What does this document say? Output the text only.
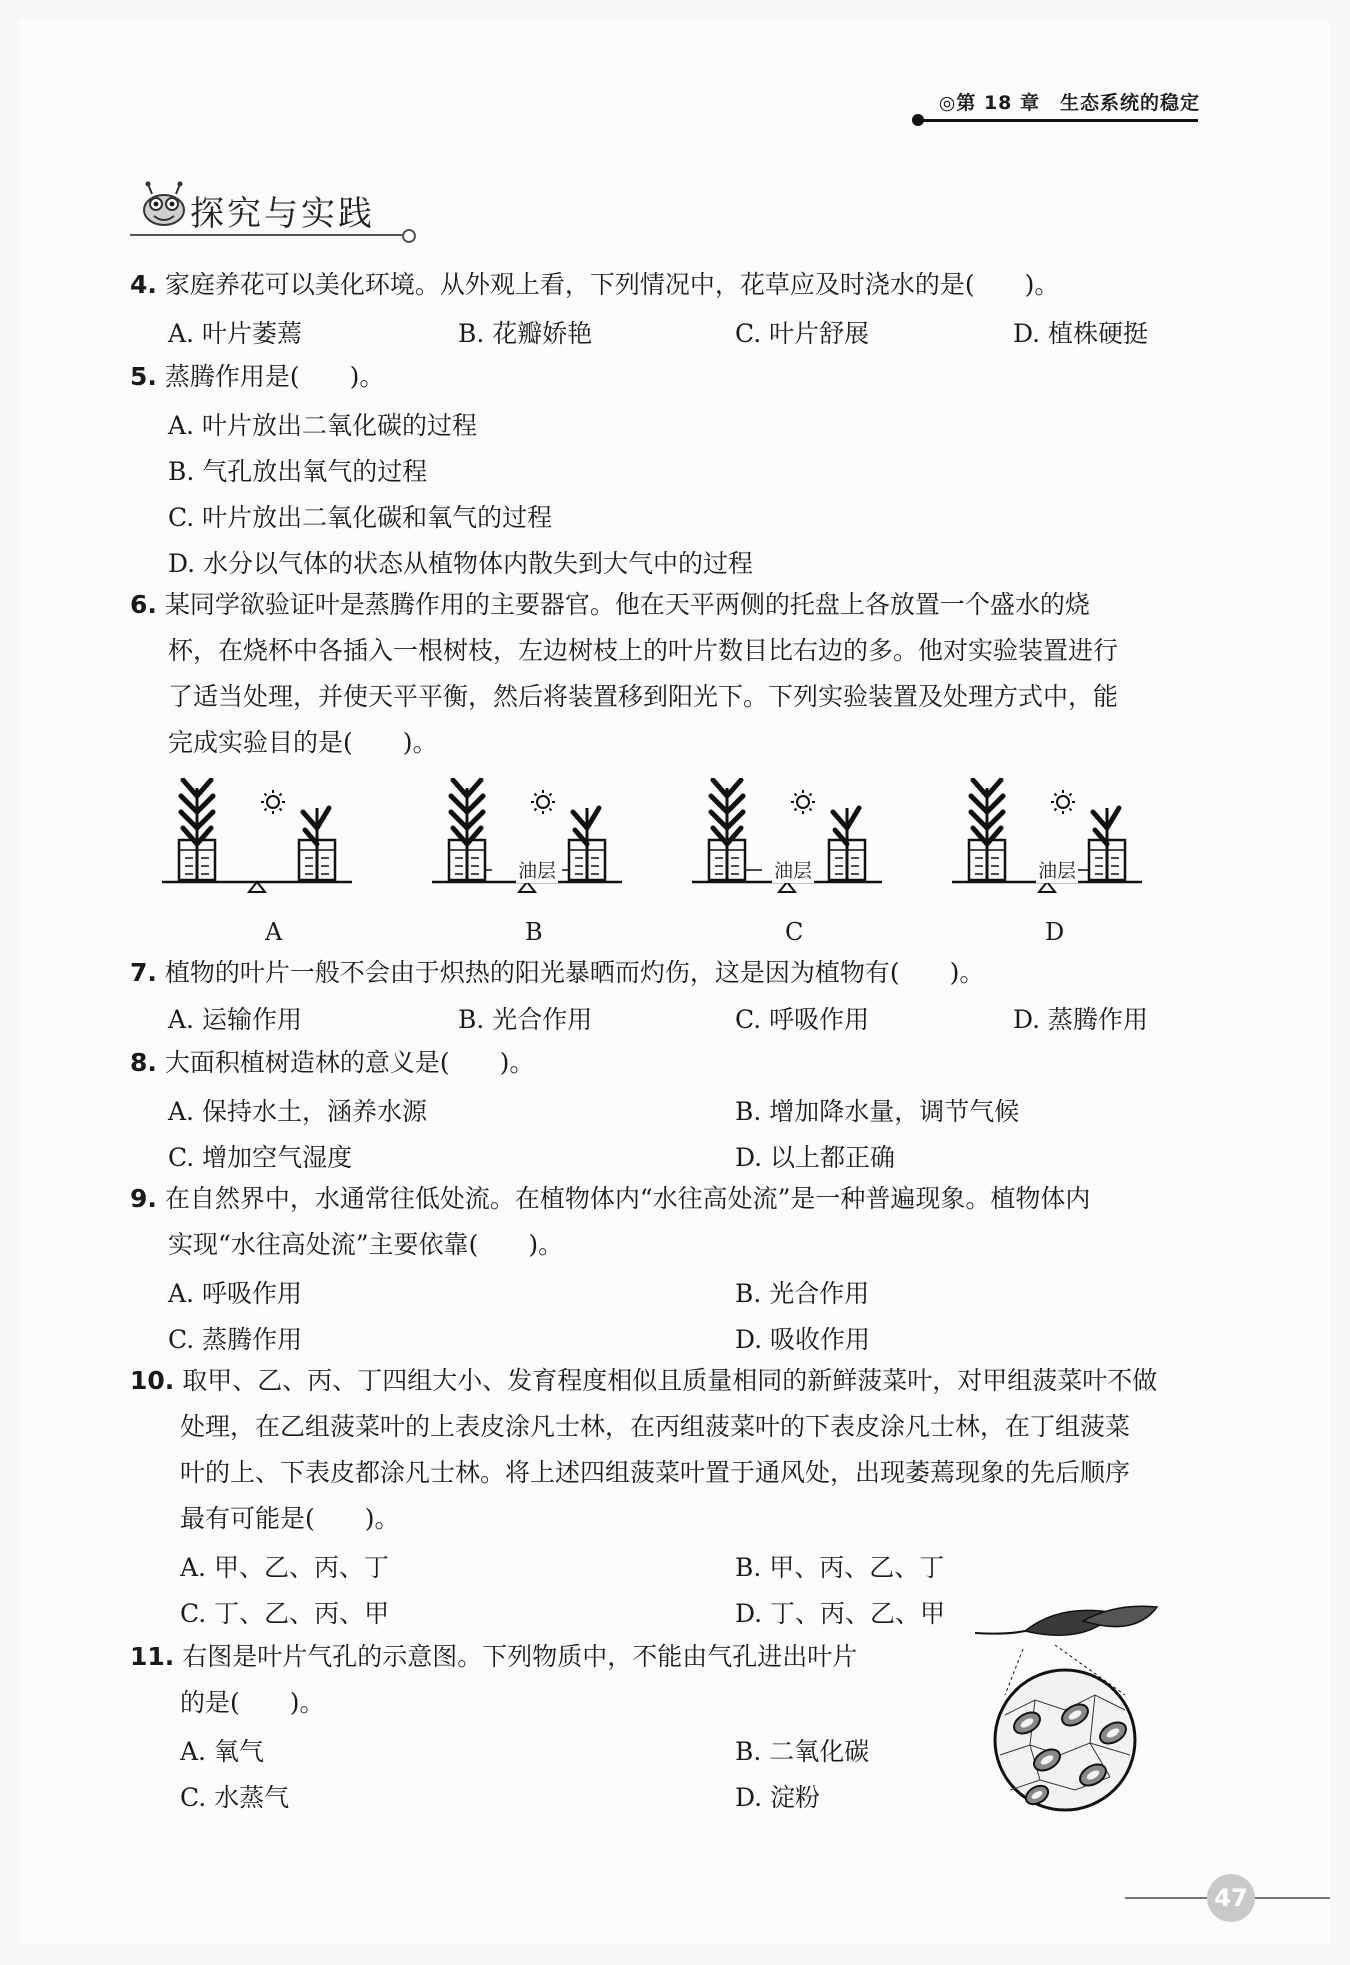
◎第 18 章　生态系统的稳定
探究与实践
4. 家庭养花可以美化环境。从外观上看，下列情况中，花草应及时浇水的是(　　)。
A. 叶片萎蔫	B. 花瓣娇艳	C. 叶片舒展	D. 植株硬挺
5. 蒸腾作用是(　　)。
A. 叶片放出二氧化碳的过程
B. 气孔放出氧气的过程
C. 叶片放出二氧化碳和氧气的过程
D. 水分以气体的状态从植物体内散失到大气中的过程
6. 某同学欲验证叶是蒸腾作用的主要器官。他在天平两侧的托盘上各放置一个盛水的烧
杯，在烧杯中各插入一根树枝，左边树枝上的叶片数目比右边的多。他对实验装置进行
了适当处理，并使天平平衡，然后将装置移到阳光下。下列实验装置及处理方式中，能
完成实验目的是(　　)。
油层	油层	油层
A	B	C	D
7. 植物的叶片一般不会由于炽热的阳光暴晒而灼伤，这是因为植物有(　　)。
A. 运输作用	B. 光合作用	C. 呼吸作用	D. 蒸腾作用
8. 大面积植树造林的意义是(　　)。
A. 保持水土，涵养水源	B. 增加降水量，调节气候
C. 增加空气湿度	D. 以上都正确
9. 在自然界中，水通常往低处流。在植物体内“水往高处流”是一种普遍现象。植物体内
实现“水往高处流”主要依靠(　　)。
A. 呼吸作用	B. 光合作用
C. 蒸腾作用	D. 吸收作用
10. 取甲、乙、丙、丁四组大小、发育程度相似且质量相同的新鲜菠菜叶，对甲组菠菜叶不做
处理，在乙组菠菜叶的上表皮涂凡士林，在丙组菠菜叶的下表皮涂凡士林，在丁组菠菜
叶的上、下表皮都涂凡士林。将上述四组菠菜叶置于通风处，出现萎蔫现象的先后顺序
最有可能是(　　)。
A. 甲、乙、丙、丁	B. 甲、丙、乙、丁
C. 丁、乙、丙、甲	D. 丁、丙、乙、甲
11. 右图是叶片气孔的示意图。下列物质中，不能由气孔进出叶片
的是(　　)。
A. 氧气	B. 二氧化碳
C. 水蒸气	D. 淀粉
47
